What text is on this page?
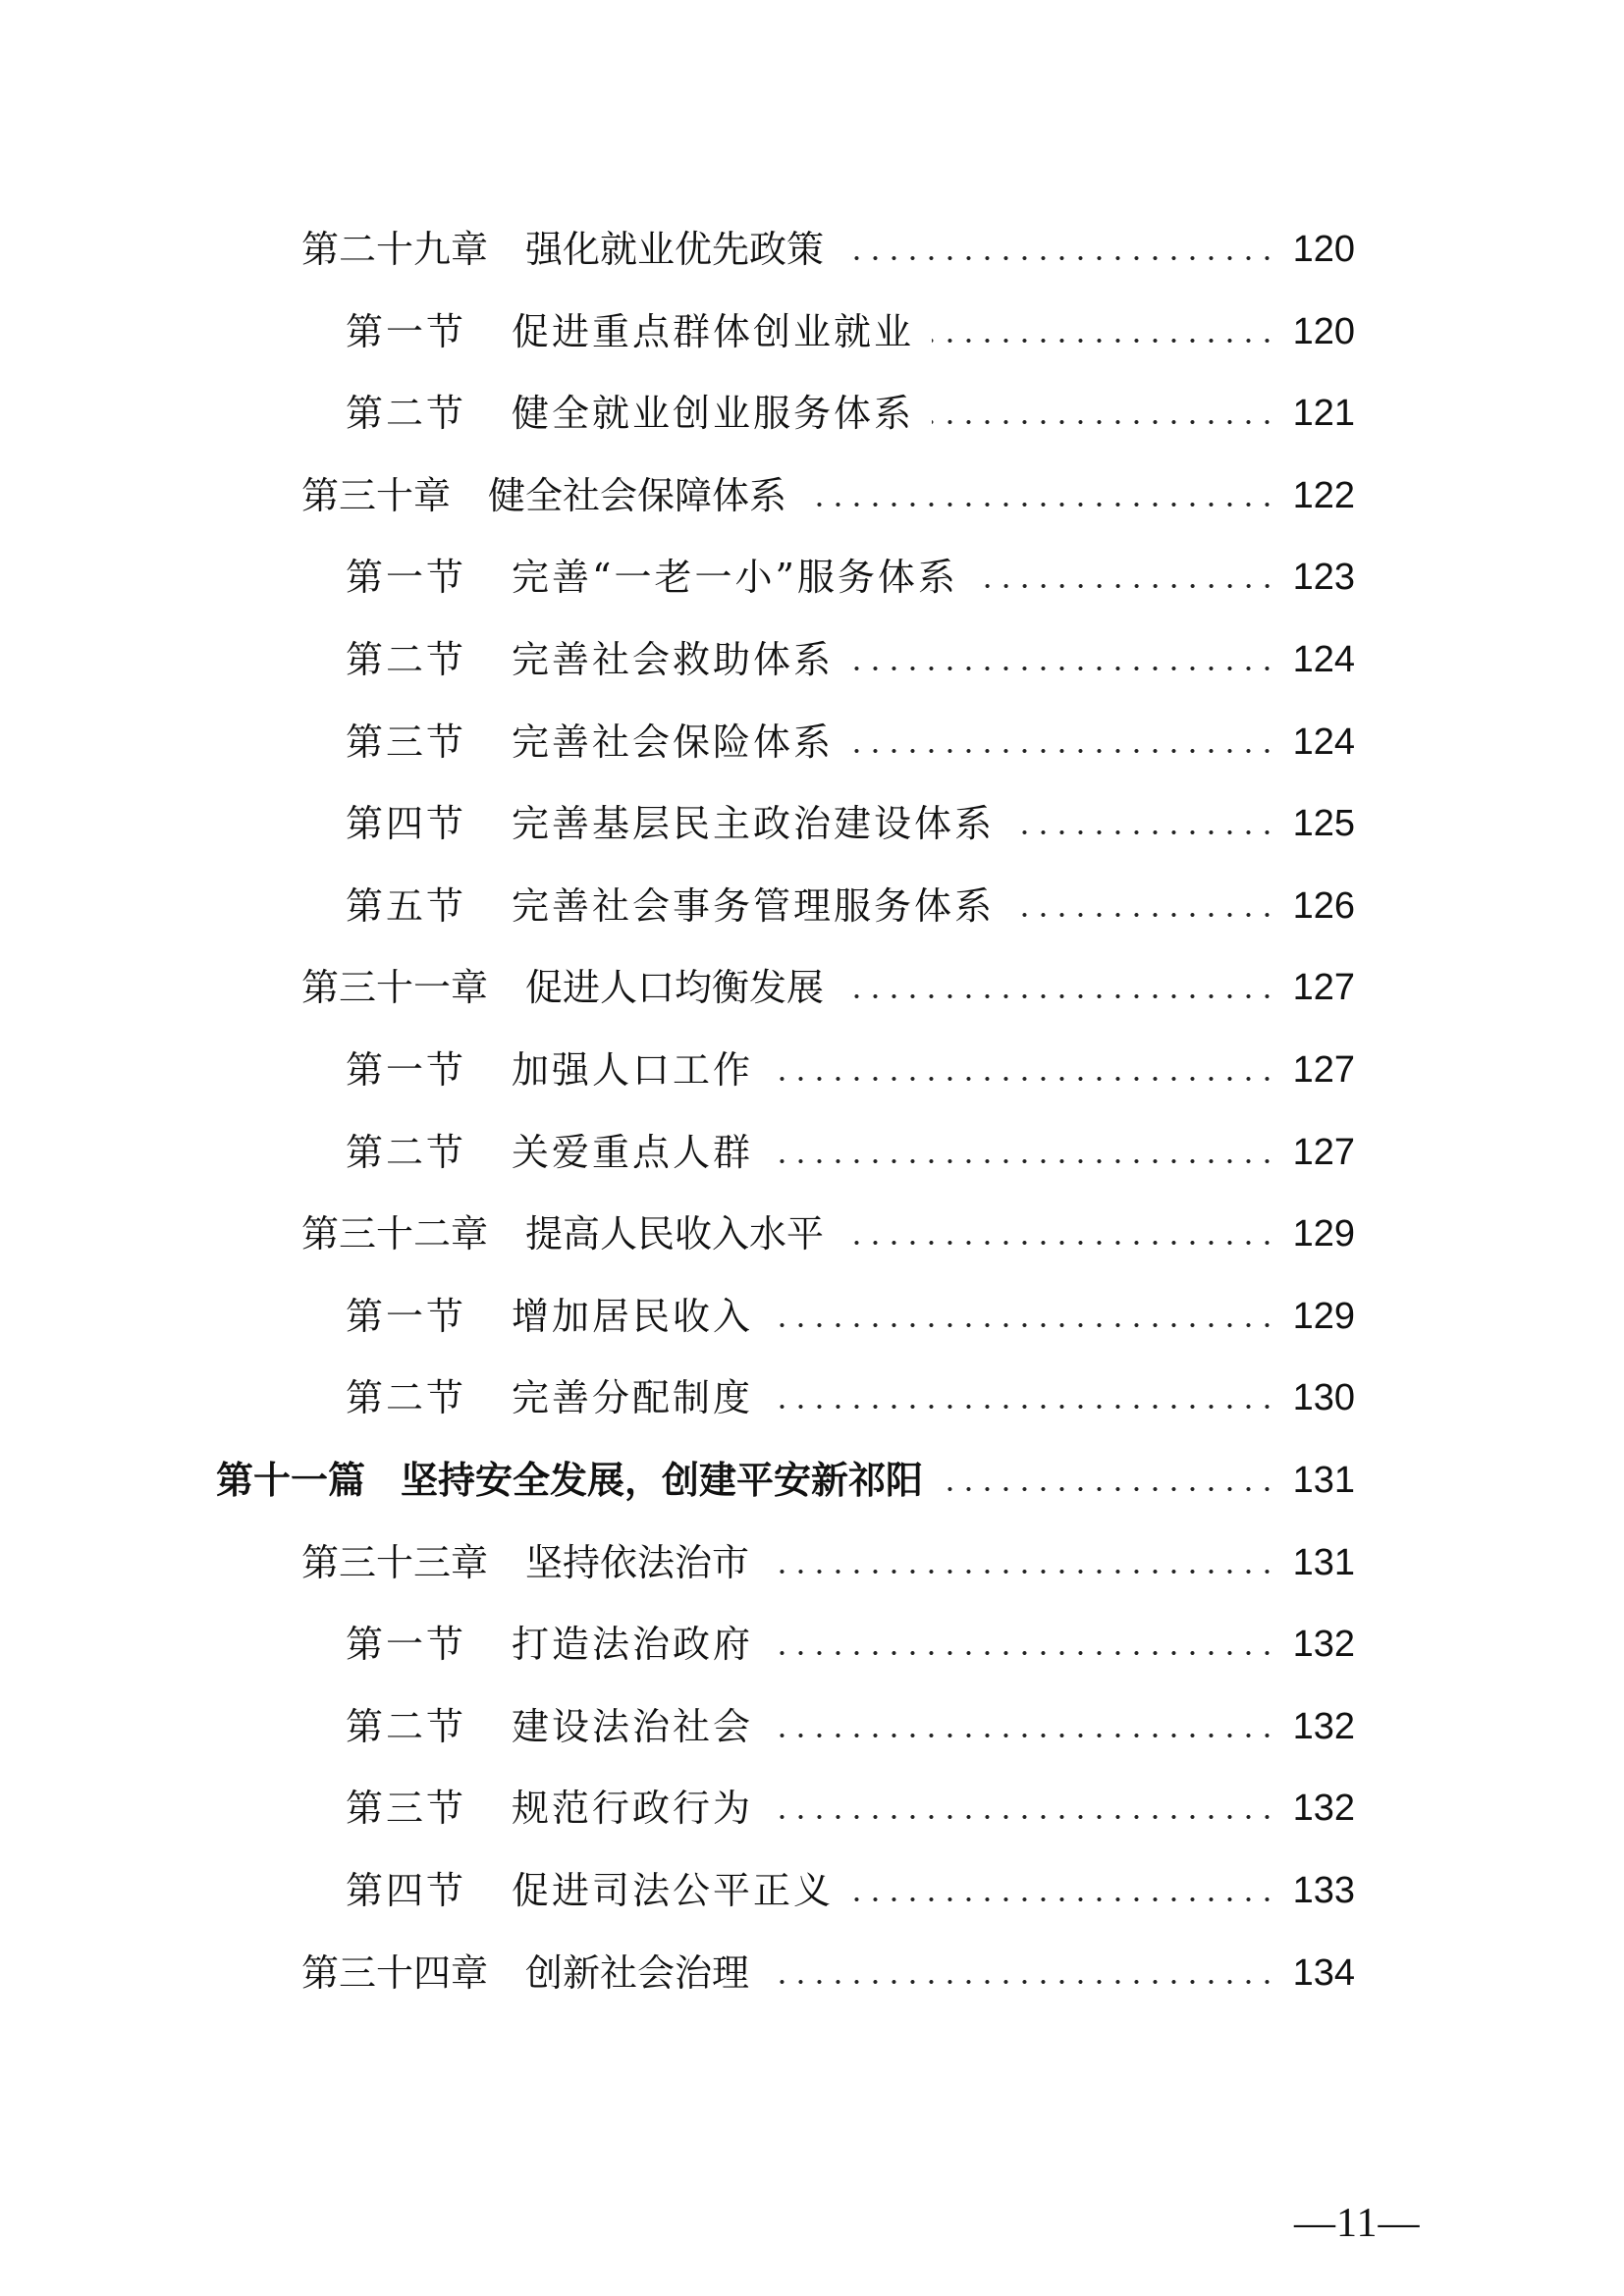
第二十九章 强化就业优先政策	120
第一节 促进重点群体创业就业	120
第二节 健全就业创业服务体系	121
第三十章 健全社会保障体系	122
第一节 完善“一老一小”服务体系	123
第二节 完善社会救助体系	124
第三节 完善社会保险体系	124
第四节 完善基层民主政治建设体系	125
第五节 完善社会事务管理服务体系	126
第三十一章 促进人口均衡发展	127
第一节 加强人口工作	127
第二节 关爱重点人群	127
第三十二章 提高人民收入水平	129
第一节 增加居民收入	129
第二节 完善分配制度	130
第十一篇 坚持安全发展，创建平安新祁阳	131
第三十三章 坚持依法治市	131
第一节 打造法治政府	132
第二节 建设法治社会	132
第三节 规范行政行为	132
第四节 促进司法公平正义	133
第三十四章 创新社会治理	134
—11—
